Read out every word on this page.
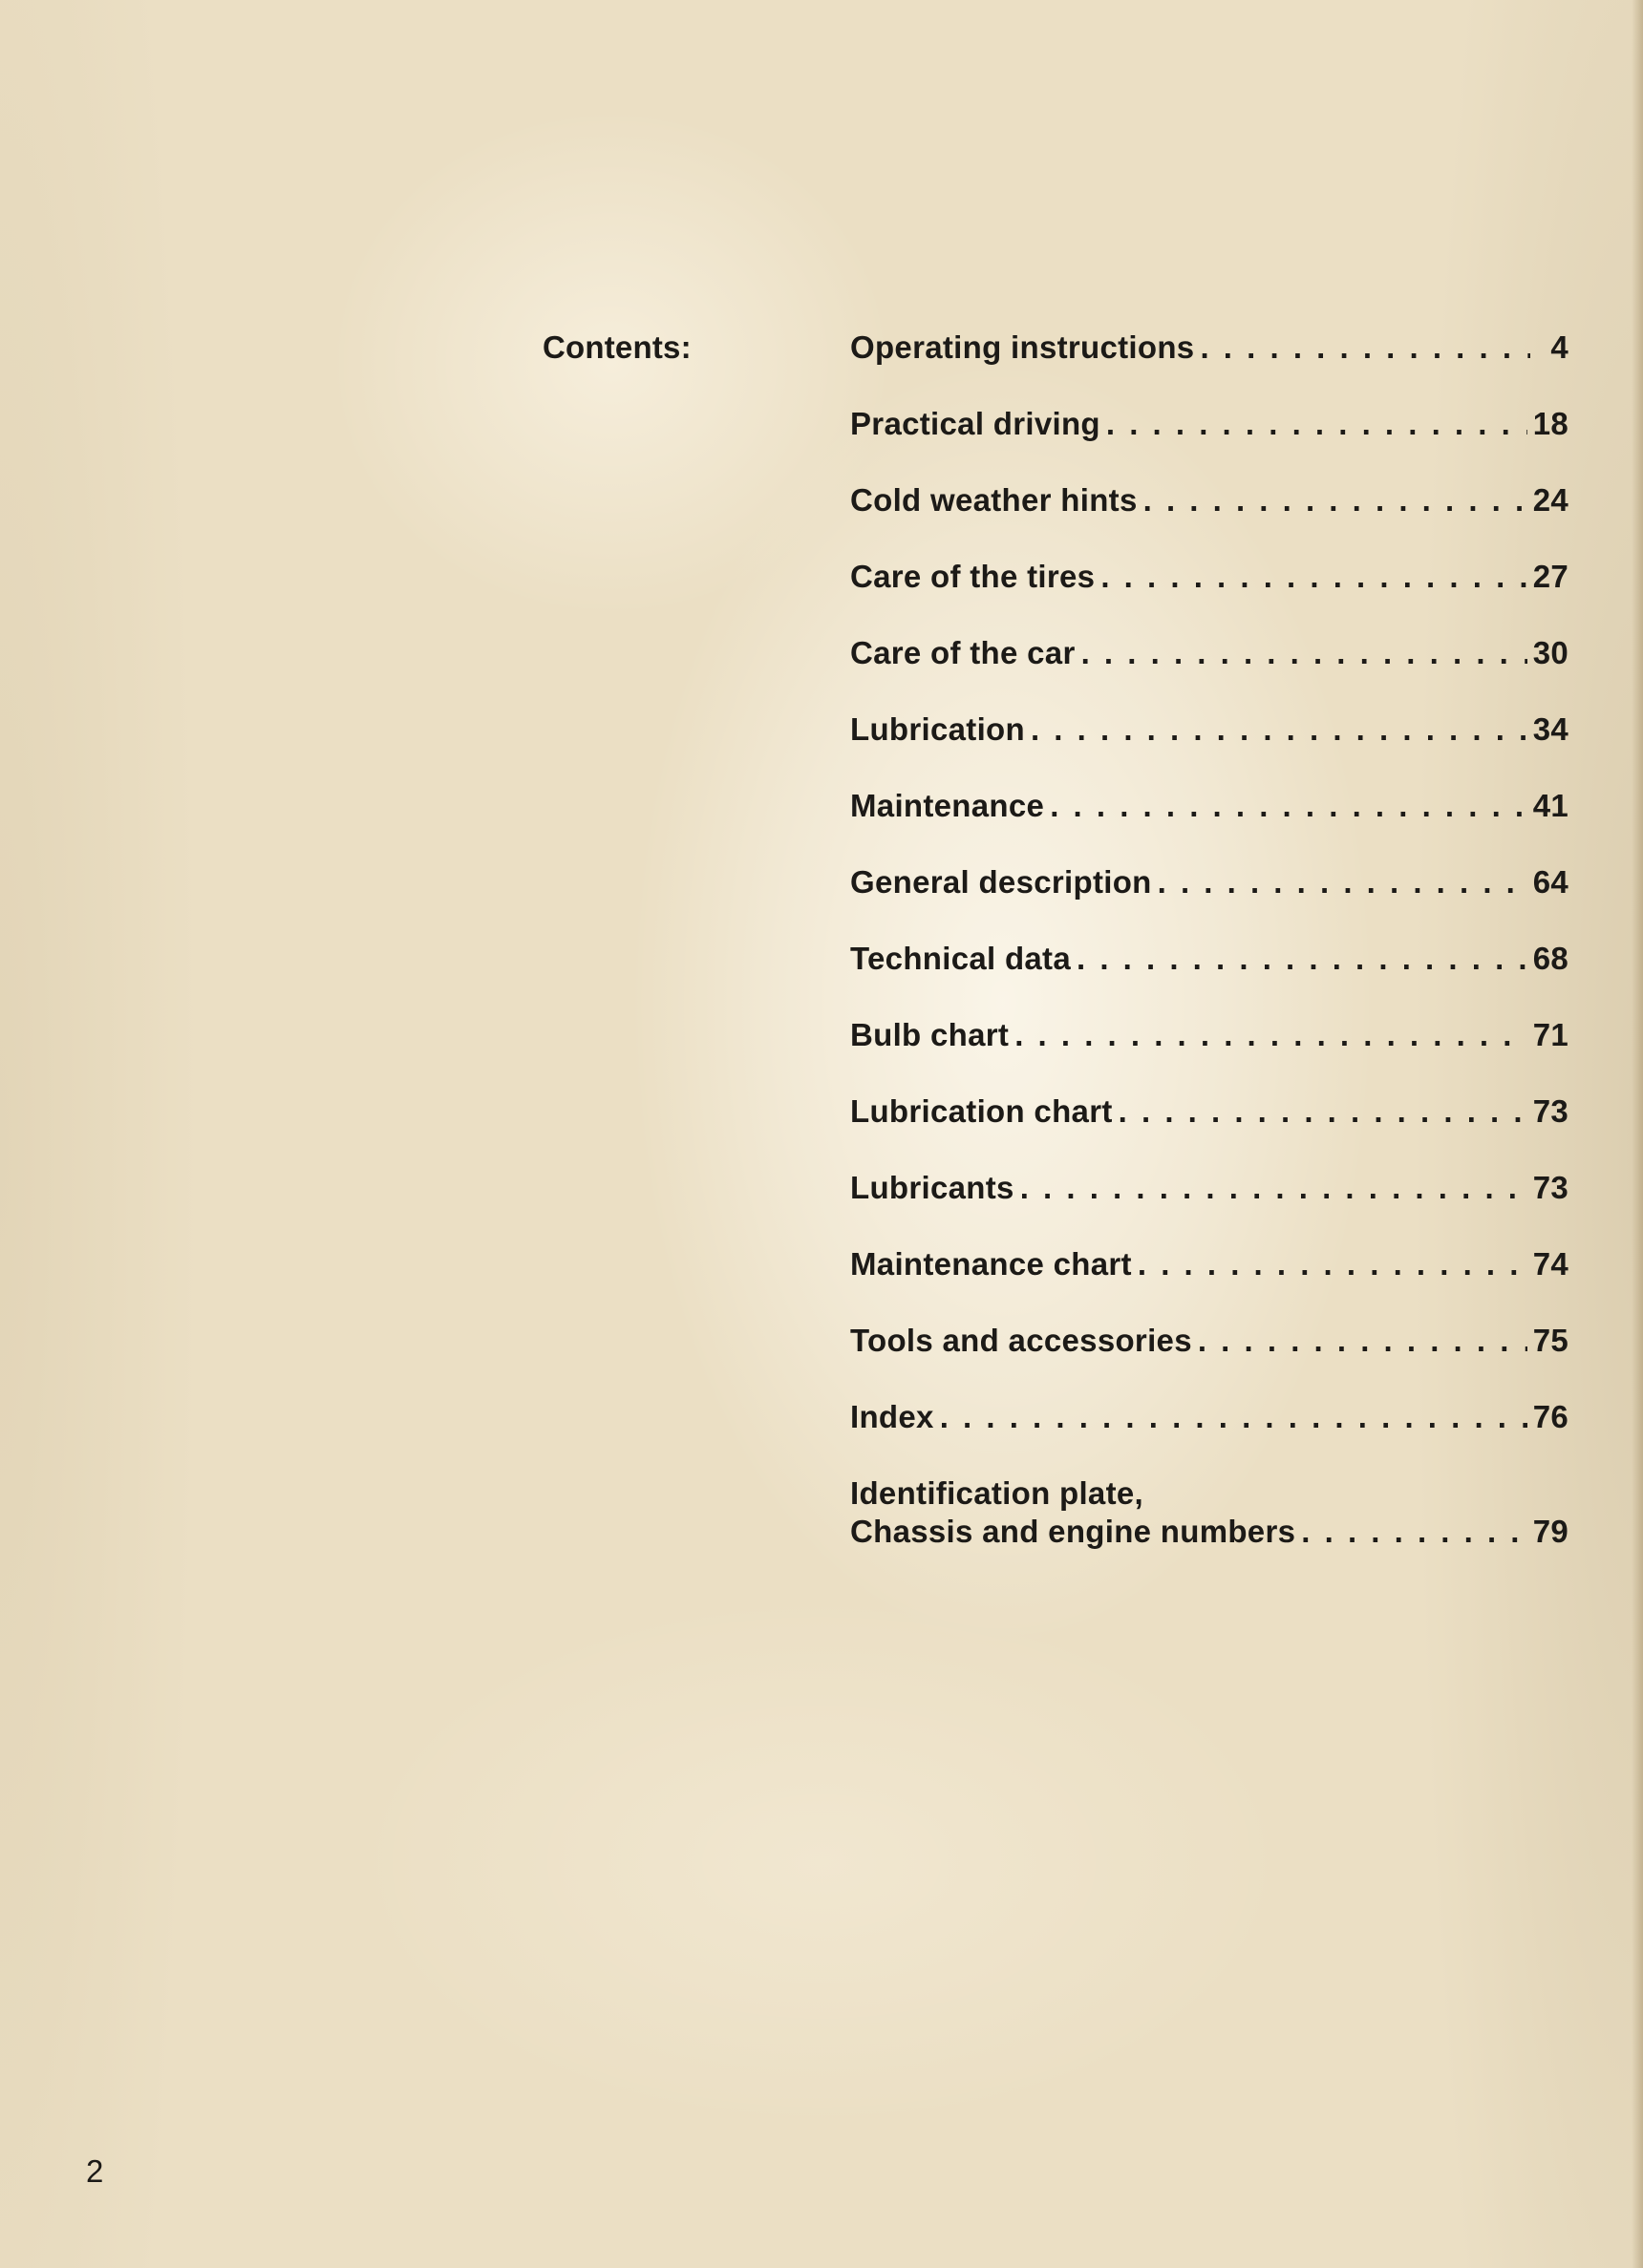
Contents:	Operating instructions . . .	4
Practical driving . . .	18
Cold weather hints . . .	24
Care of the tires . . .	27
Care of the car . . .	30
Lubrication . . .	34
Maintenance . . .	41
General description . . .	64
Technical data . . .	68
Bulb chart . . .	71
Lubrication chart . . .	73
Lubricants . . .	73
Maintenance chart . . .	74
Tools and accessories . . .	75
Index . . .	76
Identification plate,
Chassis and engine numbers . . .	79
2
